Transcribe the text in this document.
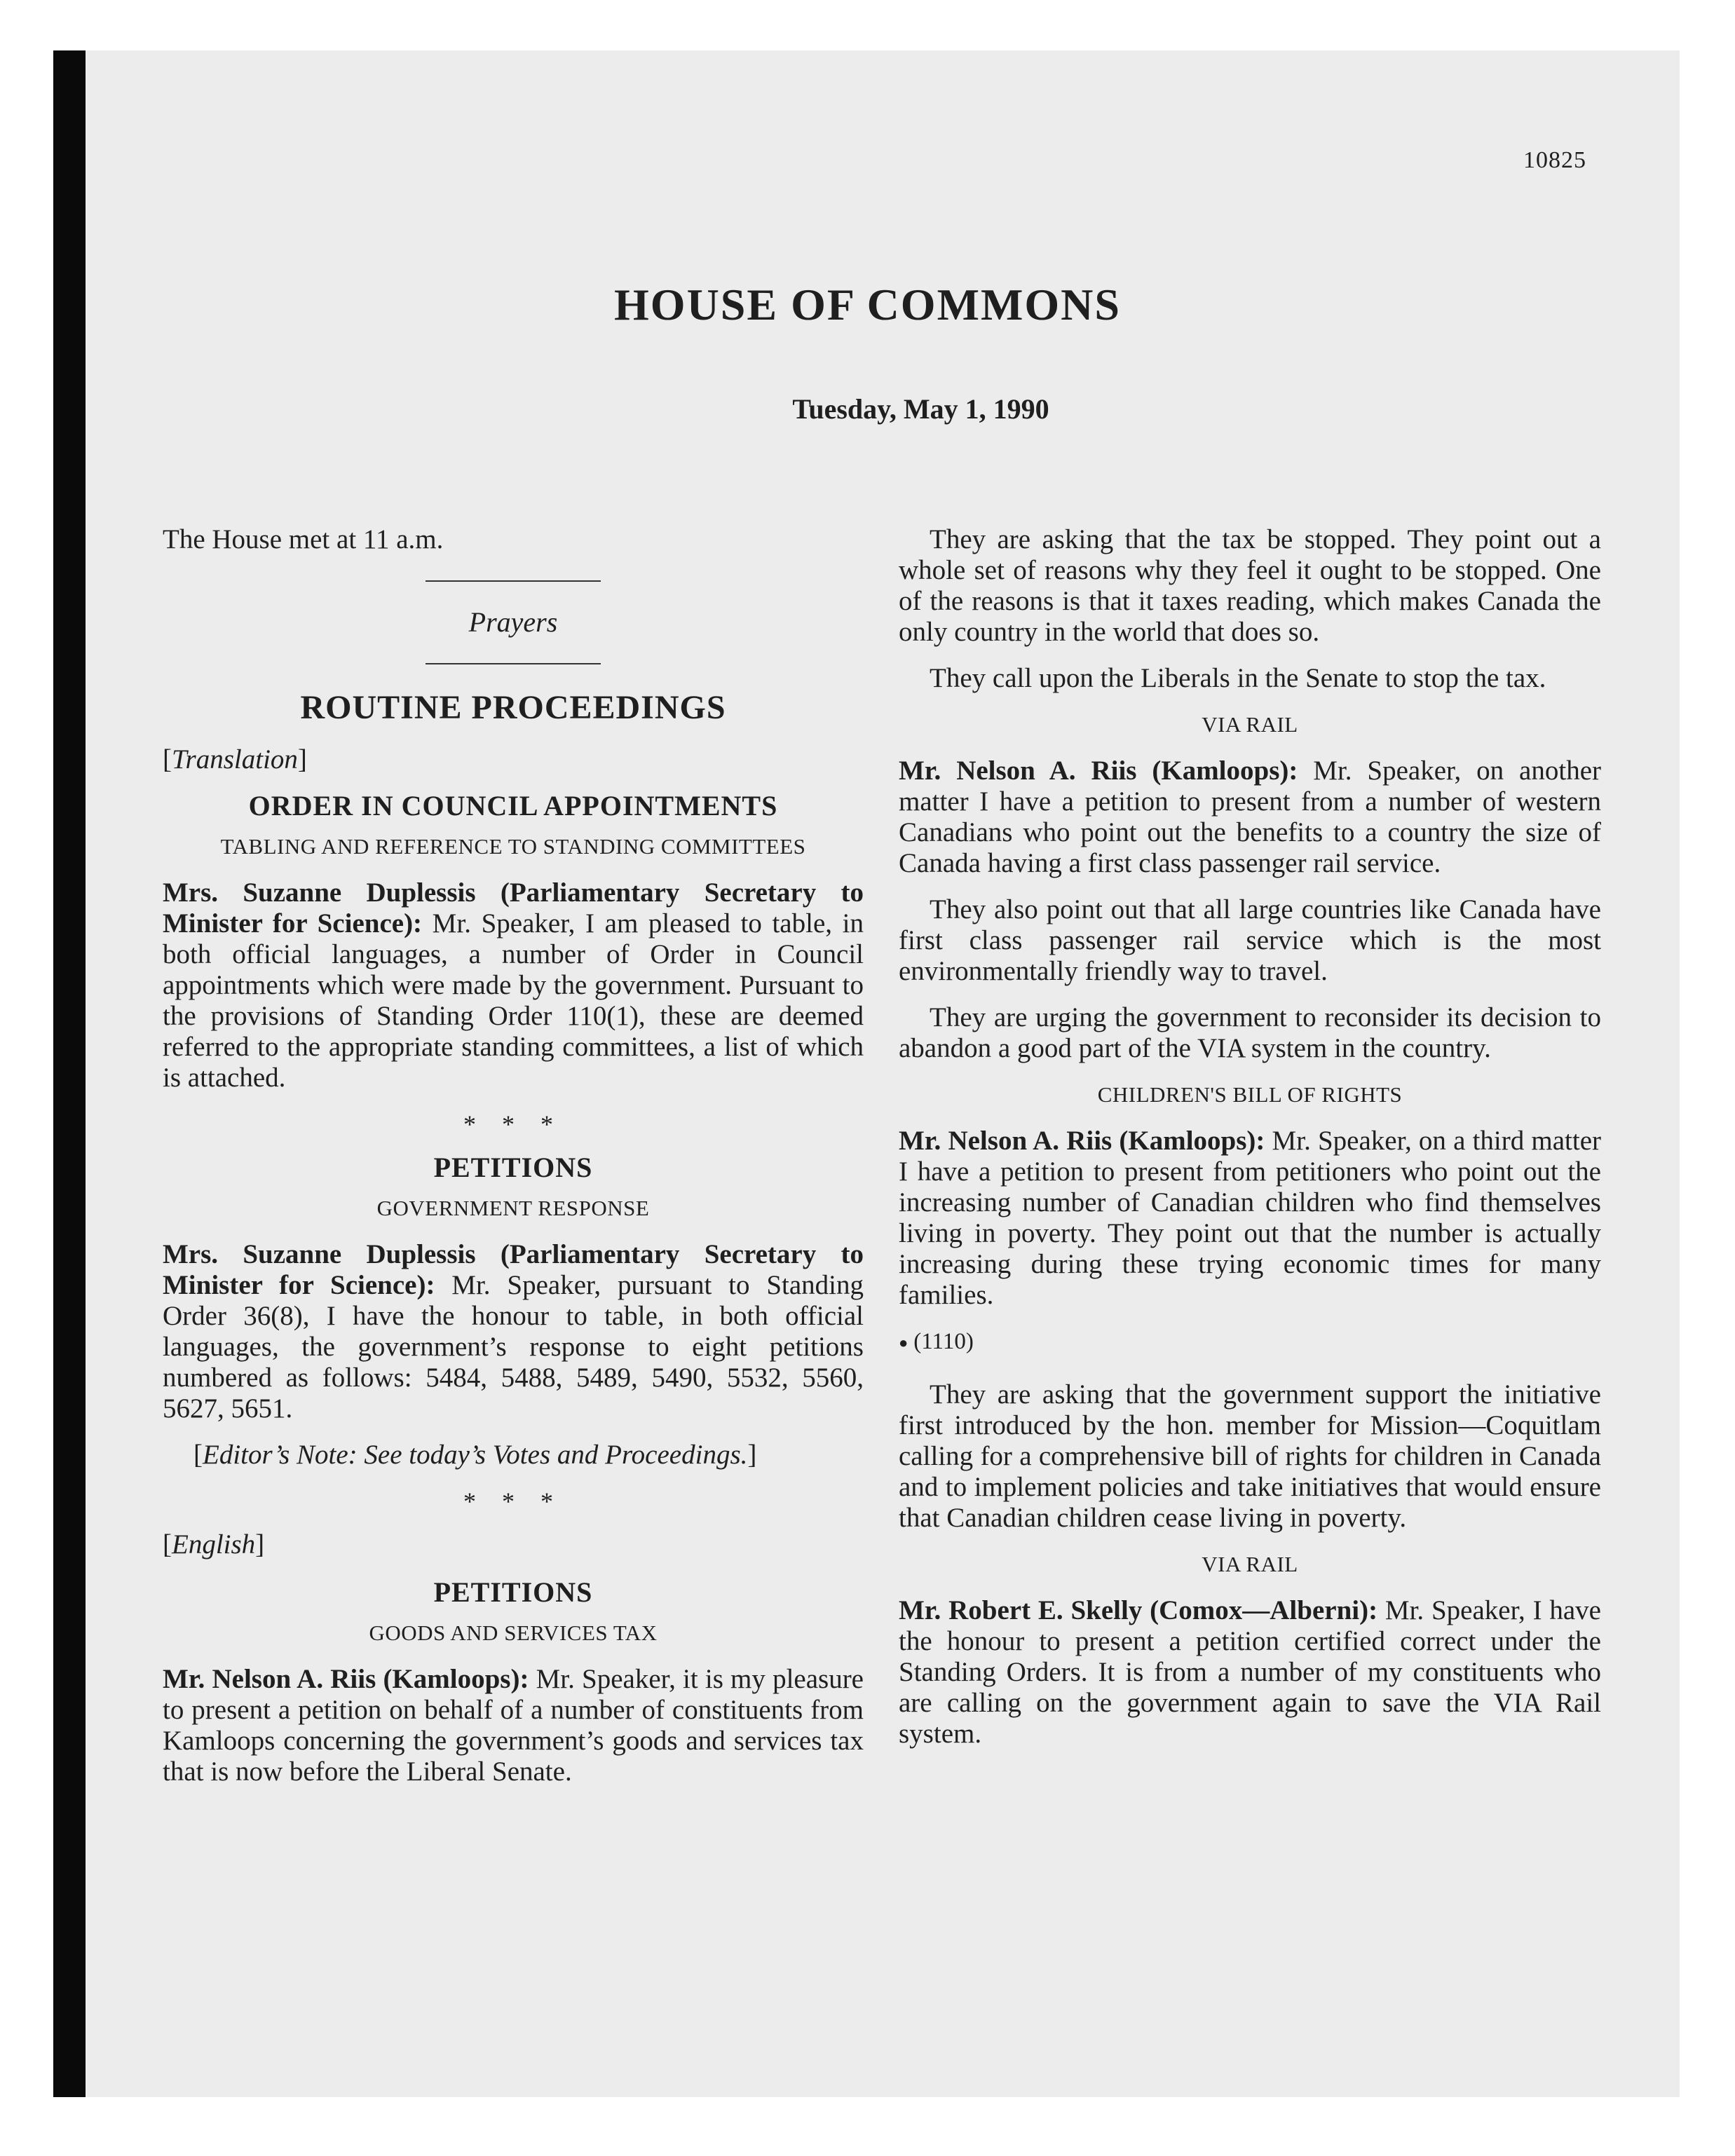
10825
HOUSE OF COMMONS
Tuesday, May 1, 1990

The House met at 11 a.m.

Prayers

ROUTINE PROCEEDINGS

[Translation]

ORDER IN COUNCIL APPOINTMENTS
TABLING AND REFERENCE TO STANDING COMMITTEES

Mrs. Suzanne Duplessis (Parliamentary Secretary to Minister for Science): Mr. Speaker, I am pleased to table, in both official languages, a number of Order in Council appointments which were made by the government. Pursuant to the provisions of Standing Order 110(1), these are deemed referred to the appropriate standing committees, a list of which is attached.

* * *
PETITIONS
GOVERNMENT RESPONSE

Mrs. Suzanne Duplessis (Parliamentary Secretary to Minister for Science): Mr. Speaker, pursuant to Standing Order 36(8), I have the honour to table, in both official languages, the government’s response to eight petitions numbered as follows: 5484, 5488, 5489, 5490, 5532, 5560, 5627, 5651.

[Editor’s Note: See today’s Votes and Proceedings.]

* * *

[English]

PETITIONS
GOODS AND SERVICES TAX

Mr. Nelson A. Riis (Kamloops): Mr. Speaker, it is my pleasure to present a petition on behalf of a number of constituents from Kamloops concerning the government’s goods and services tax that is now before the Liberal Senate.

They are asking that the tax be stopped. They point out a whole set of reasons why they feel it ought to be stopped. One of the reasons is that it taxes reading, which makes Canada the only country in the world that does so.

They call upon the Liberals in the Senate to stop the tax.

VIA RAIL

Mr. Nelson A. Riis (Kamloops): Mr. Speaker, on another matter I have a petition to present from a number of western Canadians who point out the benefits to a country the size of Canada having a first class passenger rail service.

They also point out that all large countries like Canada have first class passenger rail service which is the most environmentally friendly way to travel.

They are urging the government to reconsider its decision to abandon a good part of the VIA system in the country.

CHILDREN'S BILL OF RIGHTS

Mr. Nelson A. Riis (Kamloops): Mr. Speaker, on a third matter I have a petition to present from petitioners who point out the increasing number of Canadian children who find themselves living in poverty. They point out that the number is actually increasing during these trying economic times for many families.

● (1110)

They are asking that the government support the initiative first introduced by the hon. member for Mission—Coquitlam calling for a comprehensive bill of rights for children in Canada and to implement policies and take initiatives that would ensure that Canadian children cease living in poverty.

VIA RAIL

Mr. Robert E. Skelly (Comox—Alberni): Mr. Speaker, I have the honour to present a petition certified correct under the Standing Orders. It is from a number of my constituents who are calling on the government again to save the VIA Rail system.
